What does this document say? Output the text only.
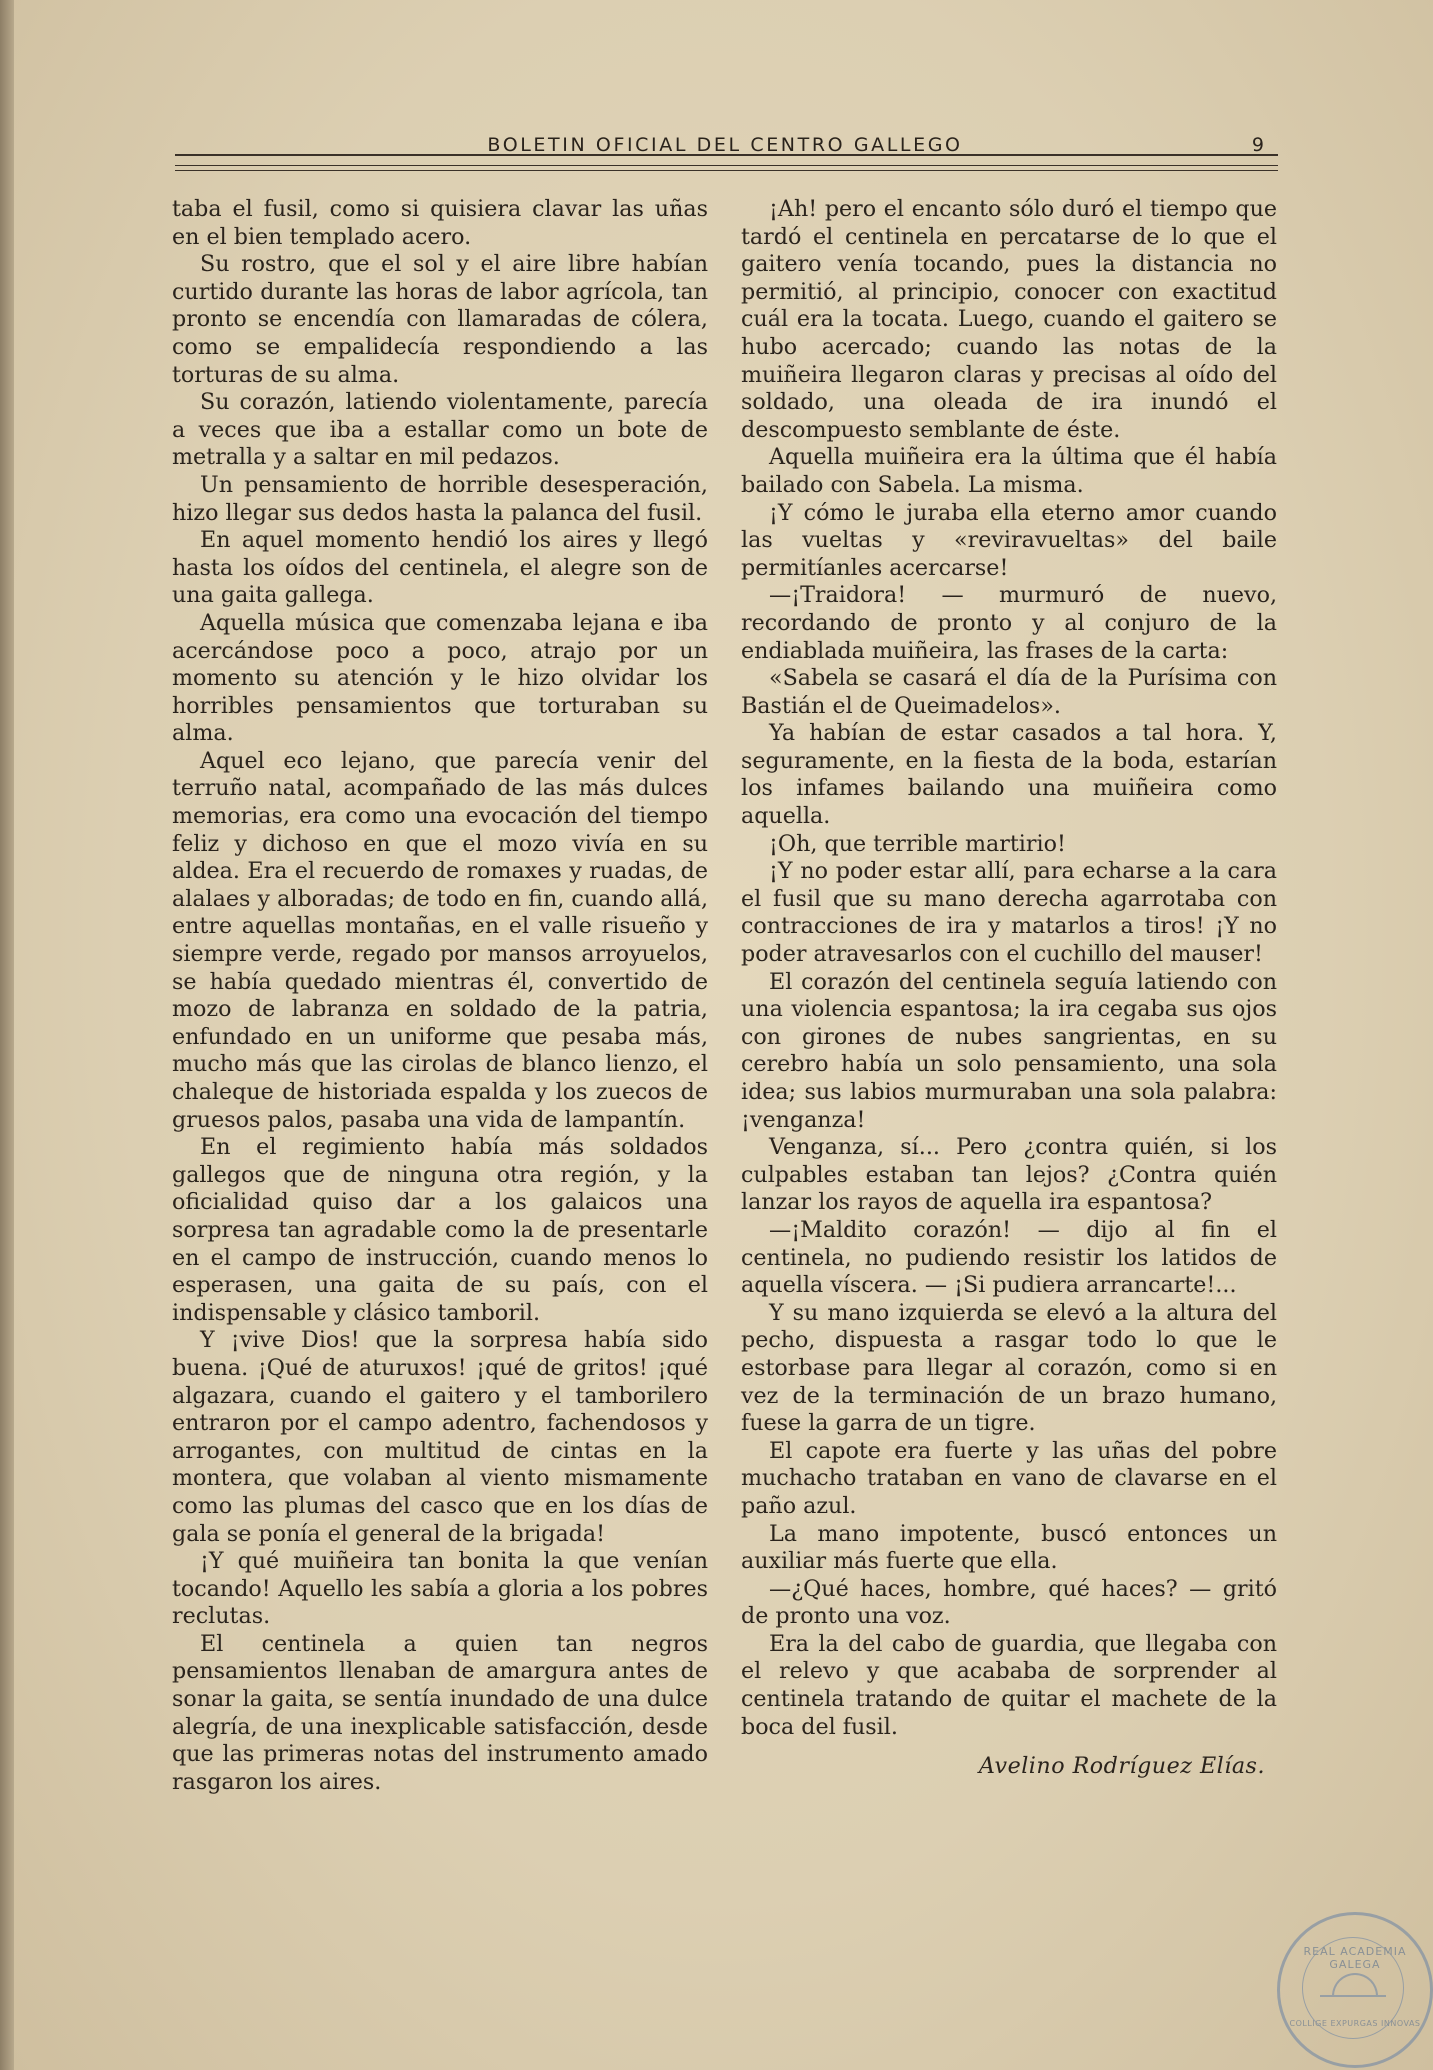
BOLETIN OFICIAL DEL CENTRO GALLEGO	9

taba el fusil, como si quisiera clavar las uñas en el bien templado acero.

Su rostro, que el sol y el aire libre habían curtido durante las horas de labor agrícola, tan pronto se encendía con llamaradas de cólera, como se empalidecía respondiendo a las torturas de su alma.

Su corazón, latiendo violentamente, parecía a veces que iba a estallar como un bote de metralla y a saltar en mil pedazos.

Un pensamiento de horrible desesperación, hizo llegar sus dedos hasta la palanca del fusil.

En aquel momento hendió los aires y llegó hasta los oídos del centinela, el alegre son de una gaita gallega.

Aquella música que comenzaba lejana e iba acercándose poco a poco, atrajo por un momento su atención y le hizo olvidar los horribles pensamientos que torturaban su alma.

Aquel eco lejano, que parecía venir del terruño natal, acompañado de las más dulces memorias, era como una evocación del tiempo feliz y dichoso en que el mozo vivía en su aldea. Era el recuerdo de romaxes y ruadas, de alalaes y alboradas; de todo en fin, cuando allá, entre aquellas montañas, en el valle risueño y siempre verde, regado por mansos arroyuelos, se había quedado mientras él, convertido de mozo de labranza en soldado de la patria, enfundado en un uniforme que pesaba más, mucho más que las cirolas de blanco lienzo, el chaleque de historiada espalda y los zuecos de gruesos palos, pasaba una vida de lampantín.

En el regimiento había más soldados gallegos que de ninguna otra región, y la oficialidad quiso dar a los galaicos una sorpresa tan agradable como la de presentarle en el campo de instrucción, cuando menos lo esperasen, una gaita de su país, con el indispensable y clásico tamboril.

Y ¡vive Dios! que la sorpresa había sido buena. ¡Qué de aturuxos! ¡qué de gritos! ¡qué algazara, cuando el gaitero y el tamborilero entraron por el campo adentro, fachendosos y arrogantes, con multitud de cintas en la montera, que volaban al viento mismamente como las plumas del casco que en los días de gala se ponía el general de la brigada!

¡Y qué muiñeira tan bonita la que venían tocando! Aquello les sabía a gloria a los pobres reclutas.

El centinela a quien tan negros pensamientos llenaban de amargura antes de sonar la gaita, se sentía inundado de una dulce alegría, de una inexplicable satisfacción, desde que las primeras notas del instrumento amado rasgaron los aires.

¡Ah! pero el encanto sólo duró el tiempo que tardó el centinela en percatarse de lo que el gaitero venía tocando, pues la distancia no permitió, al principio, conocer con exactitud cuál era la tocata. Luego, cuando el gaitero se hubo acercado; cuando las notas de la muiñeira llegaron claras y precisas al oído del soldado, una oleada de ira inundó el descompuesto semblante de éste.

Aquella muiñeira era la última que él había bailado con Sabela. La misma.

¡Y cómo le juraba ella eterno amor cuando las vueltas y «reviravueltas» del baile permitíanles acercarse!

—¡Traidora! — murmuró de nuevo, recordando de pronto y al conjuro de la endiablada muiñeira, las frases de la carta:

«Sabela se casará el día de la Purísima con Bastián el de Queimadelos».

Ya habían de estar casados a tal hora. Y, seguramente, en la fiesta de la boda, estarían los infames bailando una muiñeira como aquella.

¡Oh, que terrible martirio!

¡Y no poder estar allí, para echarse a la cara el fusil que su mano derecha agarrotaba con contracciones de ira y matarlos a tiros! ¡Y no poder atravesarlos con el cuchillo del mauser!

El corazón del centinela seguía latiendo con una violencia espantosa; la ira cegaba sus ojos con girones de nubes sangrientas, en su cerebro había un solo pensamiento, una sola idea; sus labios murmuraban una sola palabra: ¡venganza!

Venganza, sí... Pero ¿contra quién, si los culpables estaban tan lejos? ¿Contra quién lanzar los rayos de aquella ira espantosa?

—¡Maldito corazón! — dijo al fin el centinela, no pudiendo resistir los latidos de aquella víscera. — ¡Si pudiera arrancarte!...

Y su mano izquierda se elevó a la altura del pecho, dispuesta a rasgar todo lo que le estorbase para llegar al corazón, como si en vez de la terminación de un brazo humano, fuese la garra de un tigre.

El capote era fuerte y las uñas del pobre muchacho trataban en vano de clavarse en el paño azul.

La mano impotente, buscó entonces un auxiliar más fuerte que ella.

—¿Qué haces, hombre, qué haces? — gritó de pronto una voz.

Era la del cabo de guardia, que llegaba con el relevo y que acababa de sorprender al centinela tratando de quitar el machete de la boca del fusil.

Avelino Rodríguez Elías.

REAL ACADEMIA GALEGA
COLLIGE EXPURGAS INNOVAS
